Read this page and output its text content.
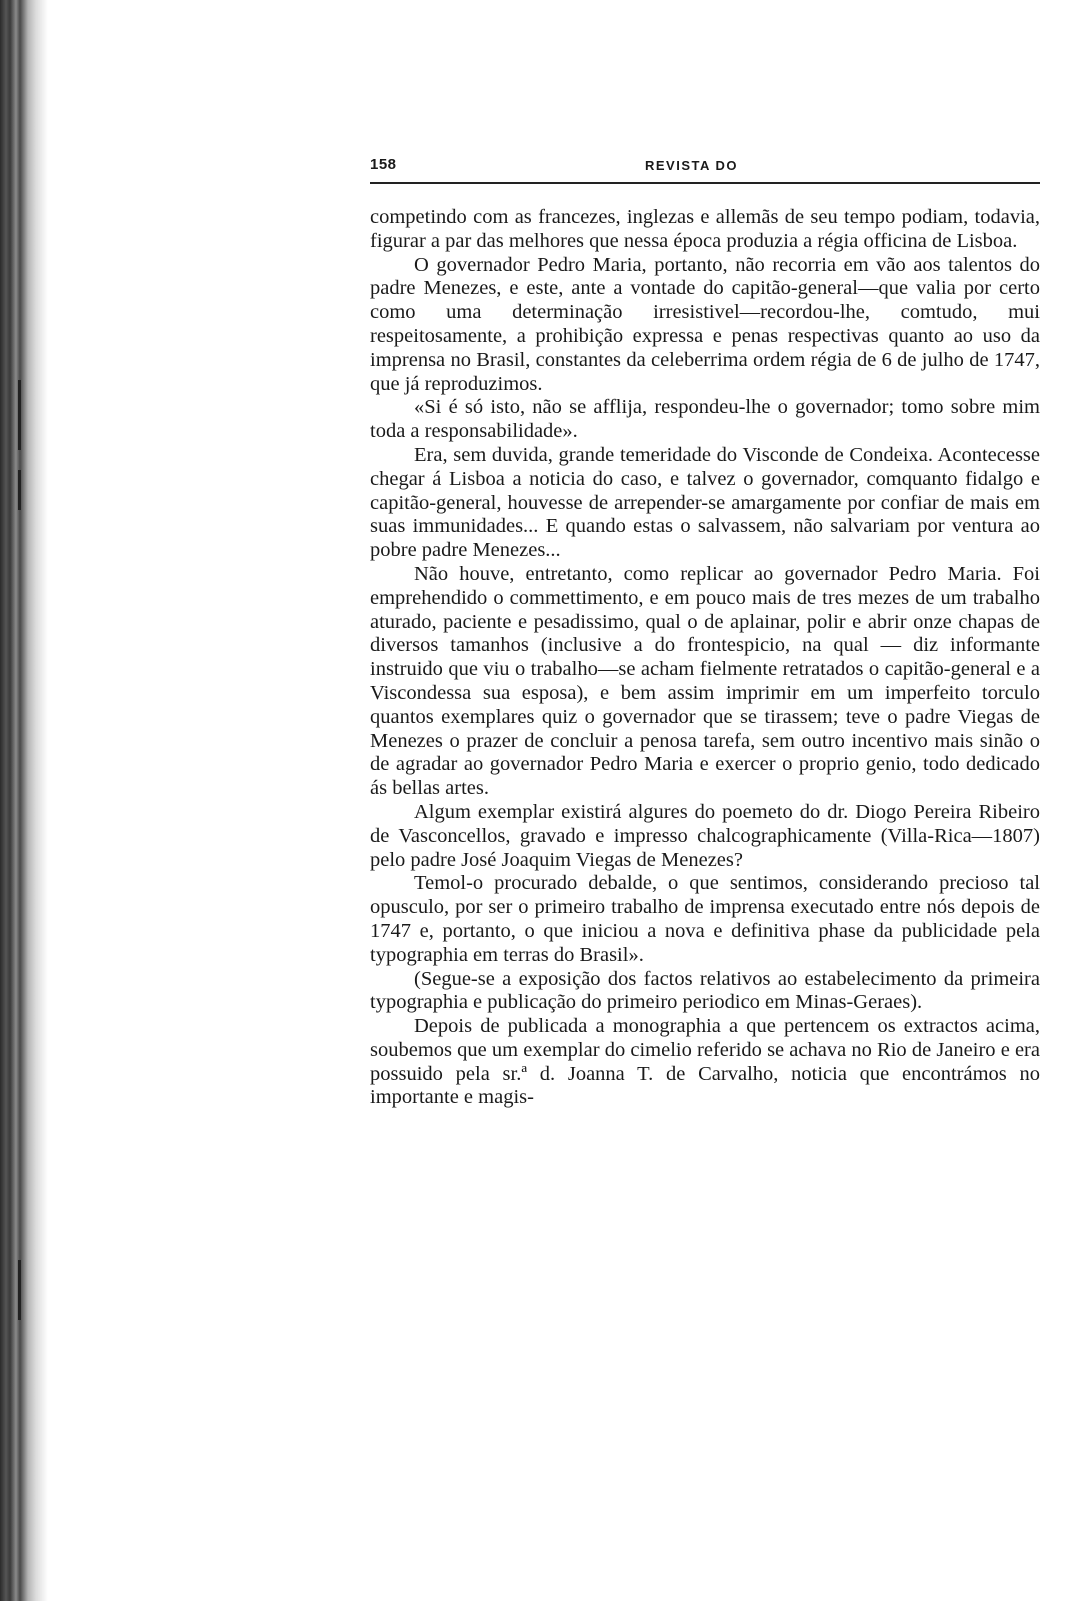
158	REVISTA DO

competindo com as francezes, inglezas e allemãs de seu tempo podiam, todavia, figurar a par das melhores que nessa época produzia a régia officina de Lisboa.

O governador Pedro Maria, portanto, não recorria em vão aos talentos do padre Menezes, e este, ante a vontade do capitão-general—que valia por certo como uma determinação irresistivel—recordou-lhe, comtudo, mui respeitosamente, a prohibição expressa e penas respectivas quanto ao uso da imprensa no Brasil, constantes da celeberrima ordem régia de 6 de julho de 1747, que já reproduzimos.

«Si é só isto, não se afflija, respondeu-lhe o governador; tomo sobre mim toda a responsabilidade».

Era, sem duvida, grande temeridade do Visconde de Condeixa. Acontecesse chegar á Lisboa a noticia do caso, e talvez o governador, comquanto fidalgo e capitão-general, houvesse de arrepender-se amargamente por confiar de mais em suas immunidades... E quando estas o salvassem, não salvariam por ventura ao pobre padre Menezes...

Não houve, entretanto, como replicar ao governador Pedro Maria. Foi emprehendido o commettimento, e em pouco mais de tres mezes de um trabalho aturado, paciente e pesadissimo, qual o de aplainar, polir e abrir onze chapas de diversos tamanhos (inclusive a do frontespicio, na qual — diz informante instruido que viu o trabalho—se acham fielmente retratados o capitão-general e a Viscondessa sua esposa), e bem assim imprimir em um imperfeito torculo quantos exemplares quiz o governador que se tirassem; teve o padre Viegas de Menezes o prazer de concluir a penosa tarefa, sem outro incentivo mais sinão o de agradar ao governador Pedro Maria e exercer o proprio genio, todo dedicado ás bellas artes.

Algum exemplar existirá algures do poemeto do dr. Diogo Pereira Ribeiro de Vasconcellos, gravado e impresso chalcographicamente (Villa-Rica—1807) pelo padre José Joaquim Viegas de Menezes?

Temol-o procurado debalde, o que sentimos, considerando precioso tal opusculo, por ser o primeiro trabalho de imprensa executado entre nós depois de 1747 e, portanto, o que iniciou a nova e definitiva phase da publicidade pela typographia em terras do Brasil».

(Segue-se a exposição dos factos relativos ao estabelecimento da primeira typographia e publicação do primeiro periodico em Minas-Geraes).

Depois de publicada a monographia a que pertencem os extractos acima, soubemos que um exemplar do cimelio referido se achava no Rio de Janeiro e era possuido pela sr.ª d. Joanna T. de Carvalho, noticia que encontrámos no importante e magis-
